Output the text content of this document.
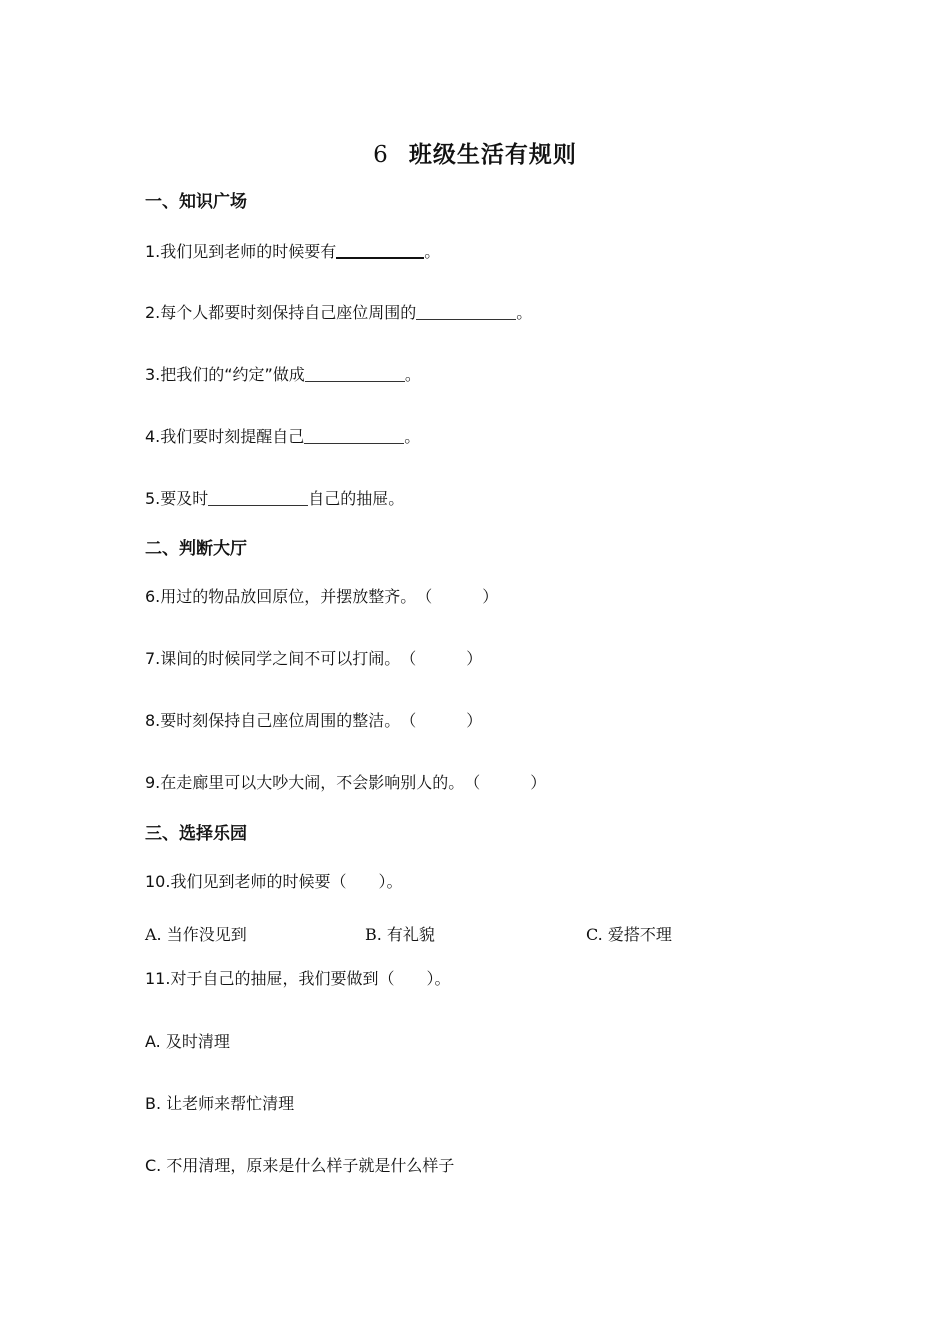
6 班级生活有规则
一、知识广场
1.我们见到老师的时候要有	。
2.每个人都要时刻保持自己座位周围的	。
3.把我们的“约定”做成	。
4.我们要时刻提醒自己	。
5.要及时	自己的抽屉。
二、判断大厅
6.用过的物品放回原位，并摆放整齐。（	）
7.课间的时候同学之间不可以打闹。（	）
8.要时刻保持自己座位周围的整洁。（	）
9.在走廊里可以大吵大闹，不会影响别人的。（	）
三、选择乐园
10.我们见到老师的时候要（　　）。
A. 当作没见到	B. 有礼貌	C. 爱搭不理
11.对于自己的抽屉，我们要做到（　　）。
A. 及时清理
B. 让老师来帮忙清理
C. 不用清理，原来是什么样子就是什么样子
